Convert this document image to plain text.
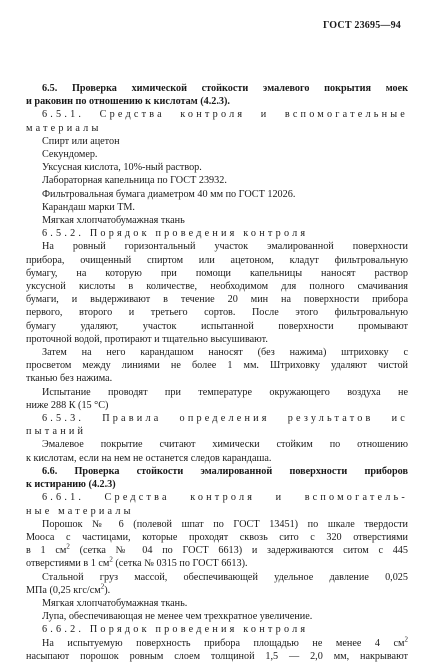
ГОСТ 23695—94
6.5. Проверка химической стойкости эмалевого покрытия моек
и раковин по отношению к кислотам (4.2.3).
6.5.1. Средства контроля и вспомогательные
материалы
Спирт или ацетон
Секундомер.
Уксусная кислота, 10%-ный раствор.
Лабораторная капельница по ГОСТ 23932.
Фильтровальная бумага диаметром 40 мм по ГОСТ 12026.
Карандаш марки ТМ.
Мягкая хлопчатобумажная ткань
6.5.2. Порядок проведения контроля
На ровный горизонтальный участок эмалированной поверхности
прибора, очищенный спиртом или ацетоном, кладут фильтровальную
бумагу, на которую при помощи капельницы наносят раствор
уксусной кислоты в количестве, необходимом для полного смачивания
бумаги, и выдерживают в течение 20 мин на поверхности прибора
первого, второго и третьего сортов. После этого фильтровальную
бумагу удаляют, участок испытанной поверхности промывают
проточной водой, протирают и тщательно высушивают.
Затем на него карандашом наносят (без нажима) штриховку с
просветом между линиями не более 1 мм. Штриховку удаляют чистой
тканью без нажима.
Испытание проводят при температуре окружающего воздуха не
ниже 288 К (15 °С)
6.5.3. Правила определения результатов ис
пытаний
Эмалевое покрытие считают химически стойким по отношению
к кислотам, если на нем не останется следов карандаша.
6.6. Проверка стойкости эмалированной поверхности приборов
к истиранию (4.2.3)
6.6.1. Средства контроля и вспомогатель-
ные материалы
Порошок № 6 (полевой шпат по ГОСТ 13451) по шкале твердости
Мооса с частицами, которые проходят сквозь сито с 320 отверстиями
в 1 $см^2$ (сетка № 04 по ГОСТ 6613) и задерживаются ситом с 445
отверстиями в 1 $см^2$ (сетка № 0315 по ГОСТ 6613).
Стальной груз массой, обеспечивающей удельное давление 0,025
МПа (0,25 кгс/$см^2$).
Мягкая хлопчатобумажная ткань.
Лупа, обеспечивающая не менее чем трехкратное увеличение.
6.6.2. Порядок проведения контроля
На испытуемую поверхность прибора площадью не менее 4 $см^2$
насыпают порошок ровным слоем толщиной 1,5 — 2,0 мм, накрывают
